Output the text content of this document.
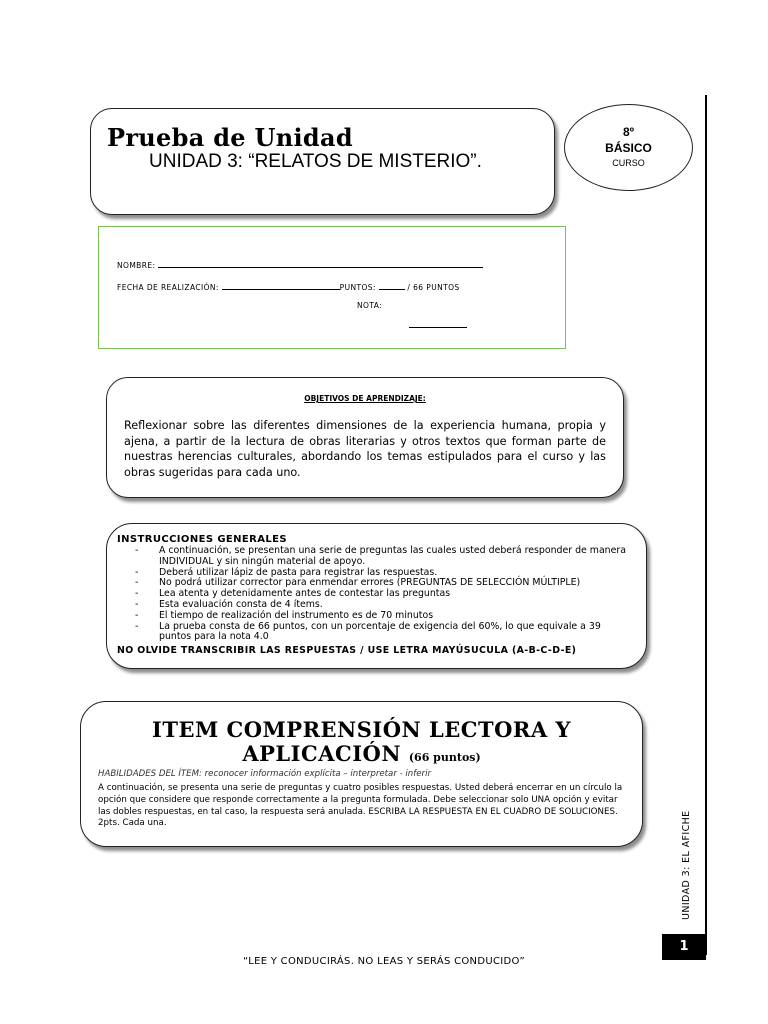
Prueba de Unidad
UNIDAD 3: “RELATOS DE MISTERIO”.
8º
BÁSICO
CURSO
NOMBRE:
FECHA DE REALIZACIÓN:	PUNTOS:	/ 66 PUNTOS
NOTA:
OBJETIVOS DE APRENDIZAJE:
Reflexionar sobre las diferentes dimensiones de la experiencia humana, propia y ajena, a partir de la lectura de obras literarias y otros textos que forman parte de nuestras herencias culturales, abordando los temas estipulados para el curso y las obras sugeridas para cada uno.
INSTRUCCIONES GENERALES
- A continuación, se presentan una serie de preguntas las cuales usted deberá responder de manera INDIVIDUAL y sin ningún material de apoyo.
- Deberá utilizar lápiz de pasta para registrar las respuestas.
- No podrá utilizar corrector para enmendar errores (PREGUNTAS DE SELECCIÓN MÚLTIPLE)
- Lea atenta y detenidamente antes de contestar las preguntas
- Esta evaluación consta de 4 ítems.
- El tiempo de realización del instrumento es de 70 minutos
- La prueba consta de 66 puntos, con un porcentaje de exigencia del 60%, lo que equivale a 39 puntos para la nota 4.0
NO OLVIDE TRANSCRIBIR LAS RESPUESTAS / USE LETRA MAYÚSUCULA (A-B-C-D-E)
ITEM COMPRENSIÓN LECTORA Y APLICACIÓN (66 puntos)
HABILIDADES DEL ÍTEM: reconocer información explícita – interpretar - inferir
A continuación, se presenta una serie de preguntas y cuatro posibles respuestas. Usted deberá encerrar en un círculo la opción que considere que responde correctamente a la pregunta formulada. Debe seleccionar solo UNA opción y evitar las dobles respuestas, en tal caso, la respuesta será anulada. ESCRIBA LA RESPUESTA EN EL CUADRO DE SOLUCIONES. 2pts. Cada una.	UNIDAD 3: EL AFICHE
1
“LEE Y CONDUCIRÁS. NO LEAS Y SERÁS CONDUCIDO”
